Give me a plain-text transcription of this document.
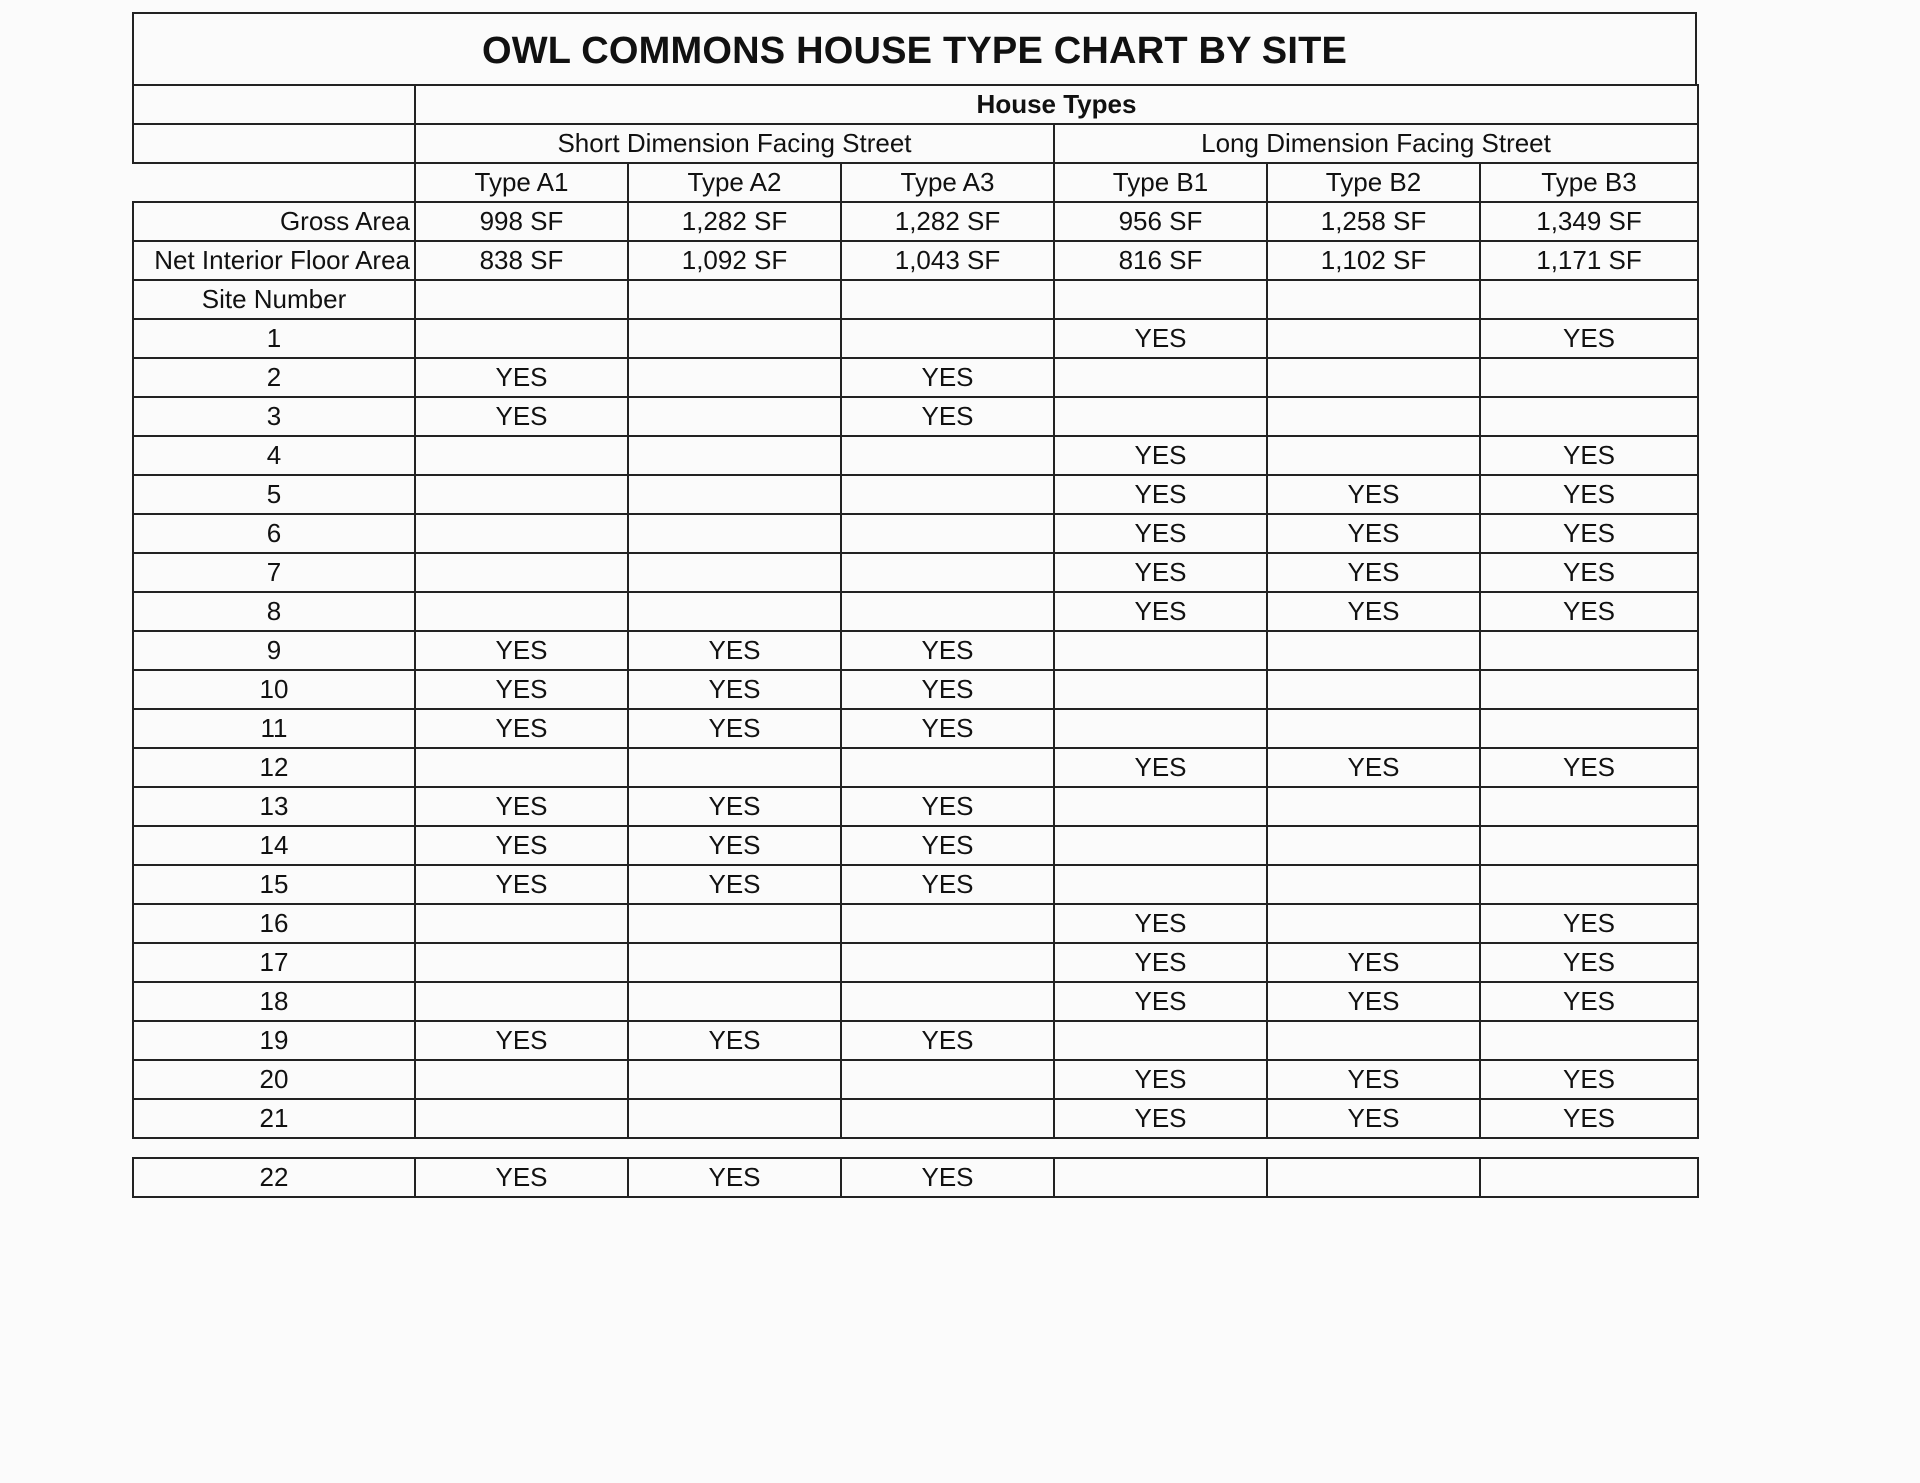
OWL COMMONS HOUSE TYPE CHART BY SITE
	House Types					
	Short Dimension Facing Street			Long Dimension Facing Street		
	Type A1	Type A2	Type A3	Type B1	Type B2	Type B3
Gross Area	998 SF	1,282 SF	1,282 SF	956 SF	1,258 SF	1,349 SF
Net Interior Floor Area	838 SF	1,092 SF	1,043 SF	816 SF	1,102 SF	1,171 SF
Site Number						
1				YES		YES
2	YES		YES			
3	YES		YES			
4				YES		YES
5				YES	YES	YES
6				YES	YES	YES
7				YES	YES	YES
8				YES	YES	YES
9	YES	YES	YES			
10	YES	YES	YES			
11	YES	YES	YES			
12				YES	YES	YES
13	YES	YES	YES			
14	YES	YES	YES			
15	YES	YES	YES			
16				YES		YES
17				YES	YES	YES
18				YES	YES	YES
19	YES	YES	YES			
20				YES	YES	YES
21				YES	YES	YES

22	YES	YES	YES			
